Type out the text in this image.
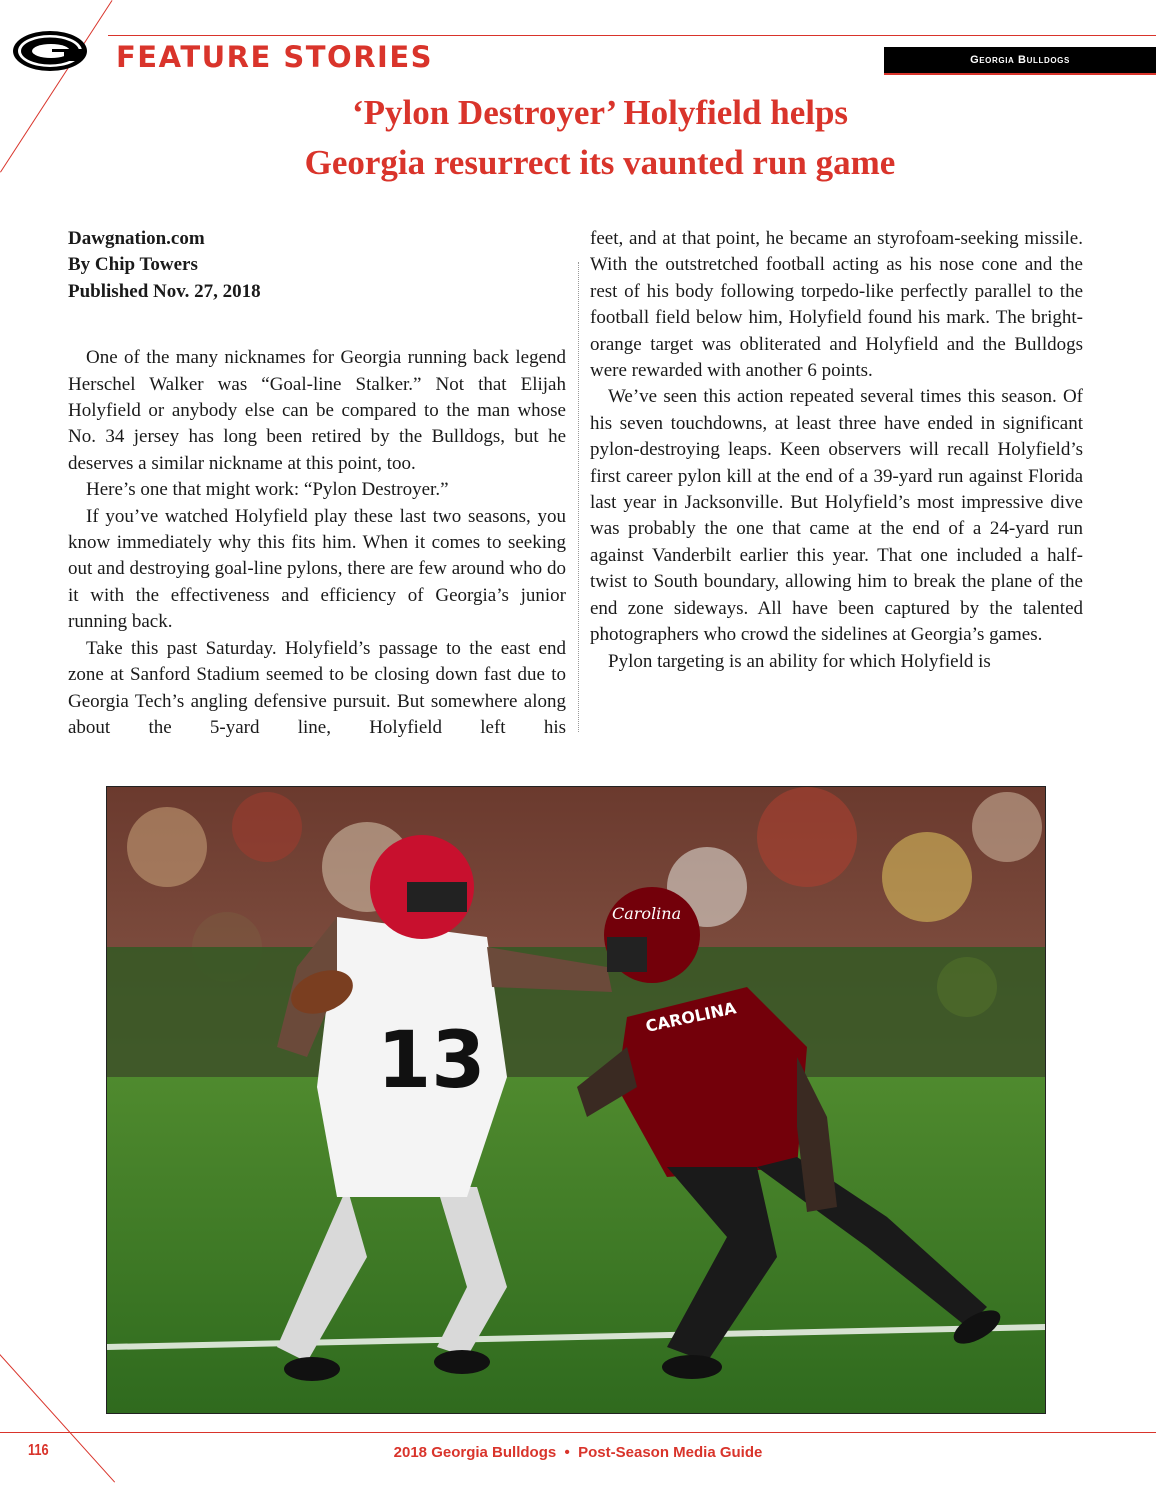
FEATURE STORIES	Georgia Bulldogs
‘Pylon Destroyer’ Holyfield helps
Georgia resurrect its vaunted run game
Dawgnation.com
By Chip Towers
Published Nov. 27, 2018

One of the many nicknames for Georgia running back legend Herschel Walker was “Goal-line Stalker.” Not that Elijah Holyfield or anybody else can be compared to the man whose No. 34 jersey has long been retired by the Bulldogs, but he deserves a similar nickname at this point, too.

Here’s one that might work: “Pylon Destroyer.”

If you’ve watched Holyfield play these last two seasons, you know immediately why this fits him. When it comes to seeking out and destroying goal-line pylons, there are few around who do it with the effectiveness and efficiency of Georgia’s junior running back.

Take this past Saturday. Holyfield’s passage to the east end zone at Sanford Stadium seemed to be closing down fast due to Georgia Tech’s angling defensive pursuit. But somewhere along about the 5-yard line, Holyfield left his

feet, and at that point, he became an styrofoam-seeking missile. With the outstretched football acting as his nose cone and the rest of his body following torpedo-like perfectly parallel to the football field below him, Holyfield found his mark. The bright-orange target was obliterated and Holyfield and the Bulldogs were rewarded with another 6 points.

We’ve seen this action repeated several times this season. Of his seven touchdowns, at least three have ended in significant pylon-destroying leaps. Keen observers will recall Holyfield’s first career pylon kill at the end of a 39-yard run against Florida last year in Jacksonville. But Holyfield’s most impressive dive was probably the one that came at the end of a 24-yard run against Vanderbilt earlier this year. That one included a half-twist to South boundary, allowing him to break the plane of the end zone sideways. All have been captured by the talented photographers who crowd the sidelines at Georgia’s games.

Pylon targeting is an ability for which Holyfield is

13
Carolina
CAROLINA
116	2018 Georgia Bulldogs  •  Post-Season Media Guide
